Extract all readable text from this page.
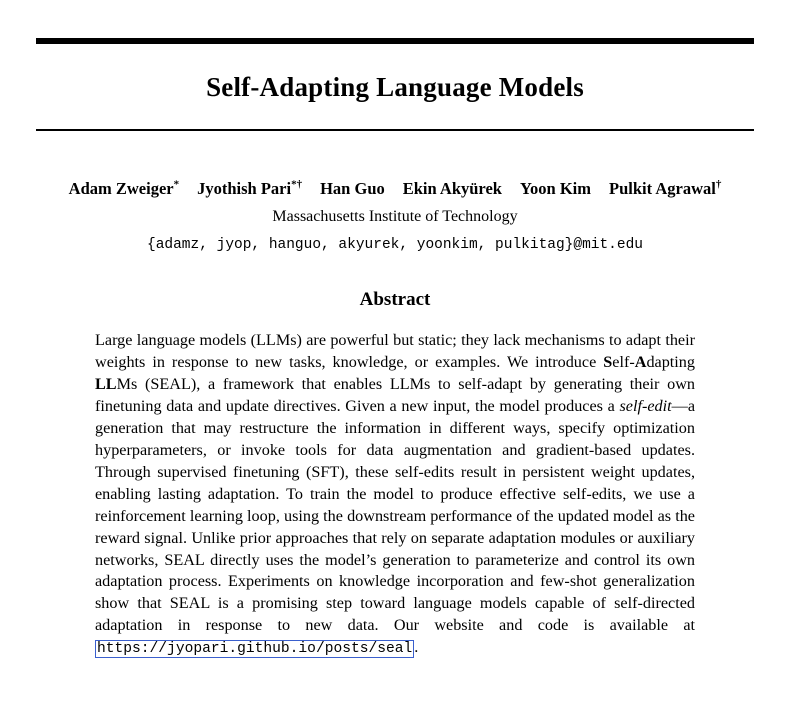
Self-Adapting Language Models
Adam Zweiger* Jyothish Pari*† Han Guo Ekin Akyürek Yoon Kim Pulkit Agrawal†
Massachusetts Institute of Technology
{adamz, jyop, hanguo, akyurek, yoonkim, pulkitag}@mit.edu
Abstract
Large language models (LLMs) are powerful but static; they lack mechanisms to adapt their weights in response to new tasks, knowledge, or examples. We introduce Self-Adapting LLMs (SEAL), a framework that enables LLMs to self-adapt by generating their own finetuning data and update directives. Given a new input, the model produces a self-edit—a generation that may restructure the information in different ways, specify optimization hyperparameters, or invoke tools for data augmentation and gradient-based updates. Through supervised finetuning (SFT), these self-edits result in persistent weight updates, enabling lasting adaptation. To train the model to produce effective self-edits, we use a reinforcement learning loop, using the downstream performance of the updated model as the reward signal. Unlike prior approaches that rely on separate adaptation modules or auxiliary networks, SEAL directly uses the model’s generation to parameterize and control its own adaptation process. Experiments on knowledge incorporation and few-shot generalization show that SEAL is a promising step toward language models capable of self-directed adaptation in response to new data. Our website and code is available at https://jyopari.github.io/posts/seal .
